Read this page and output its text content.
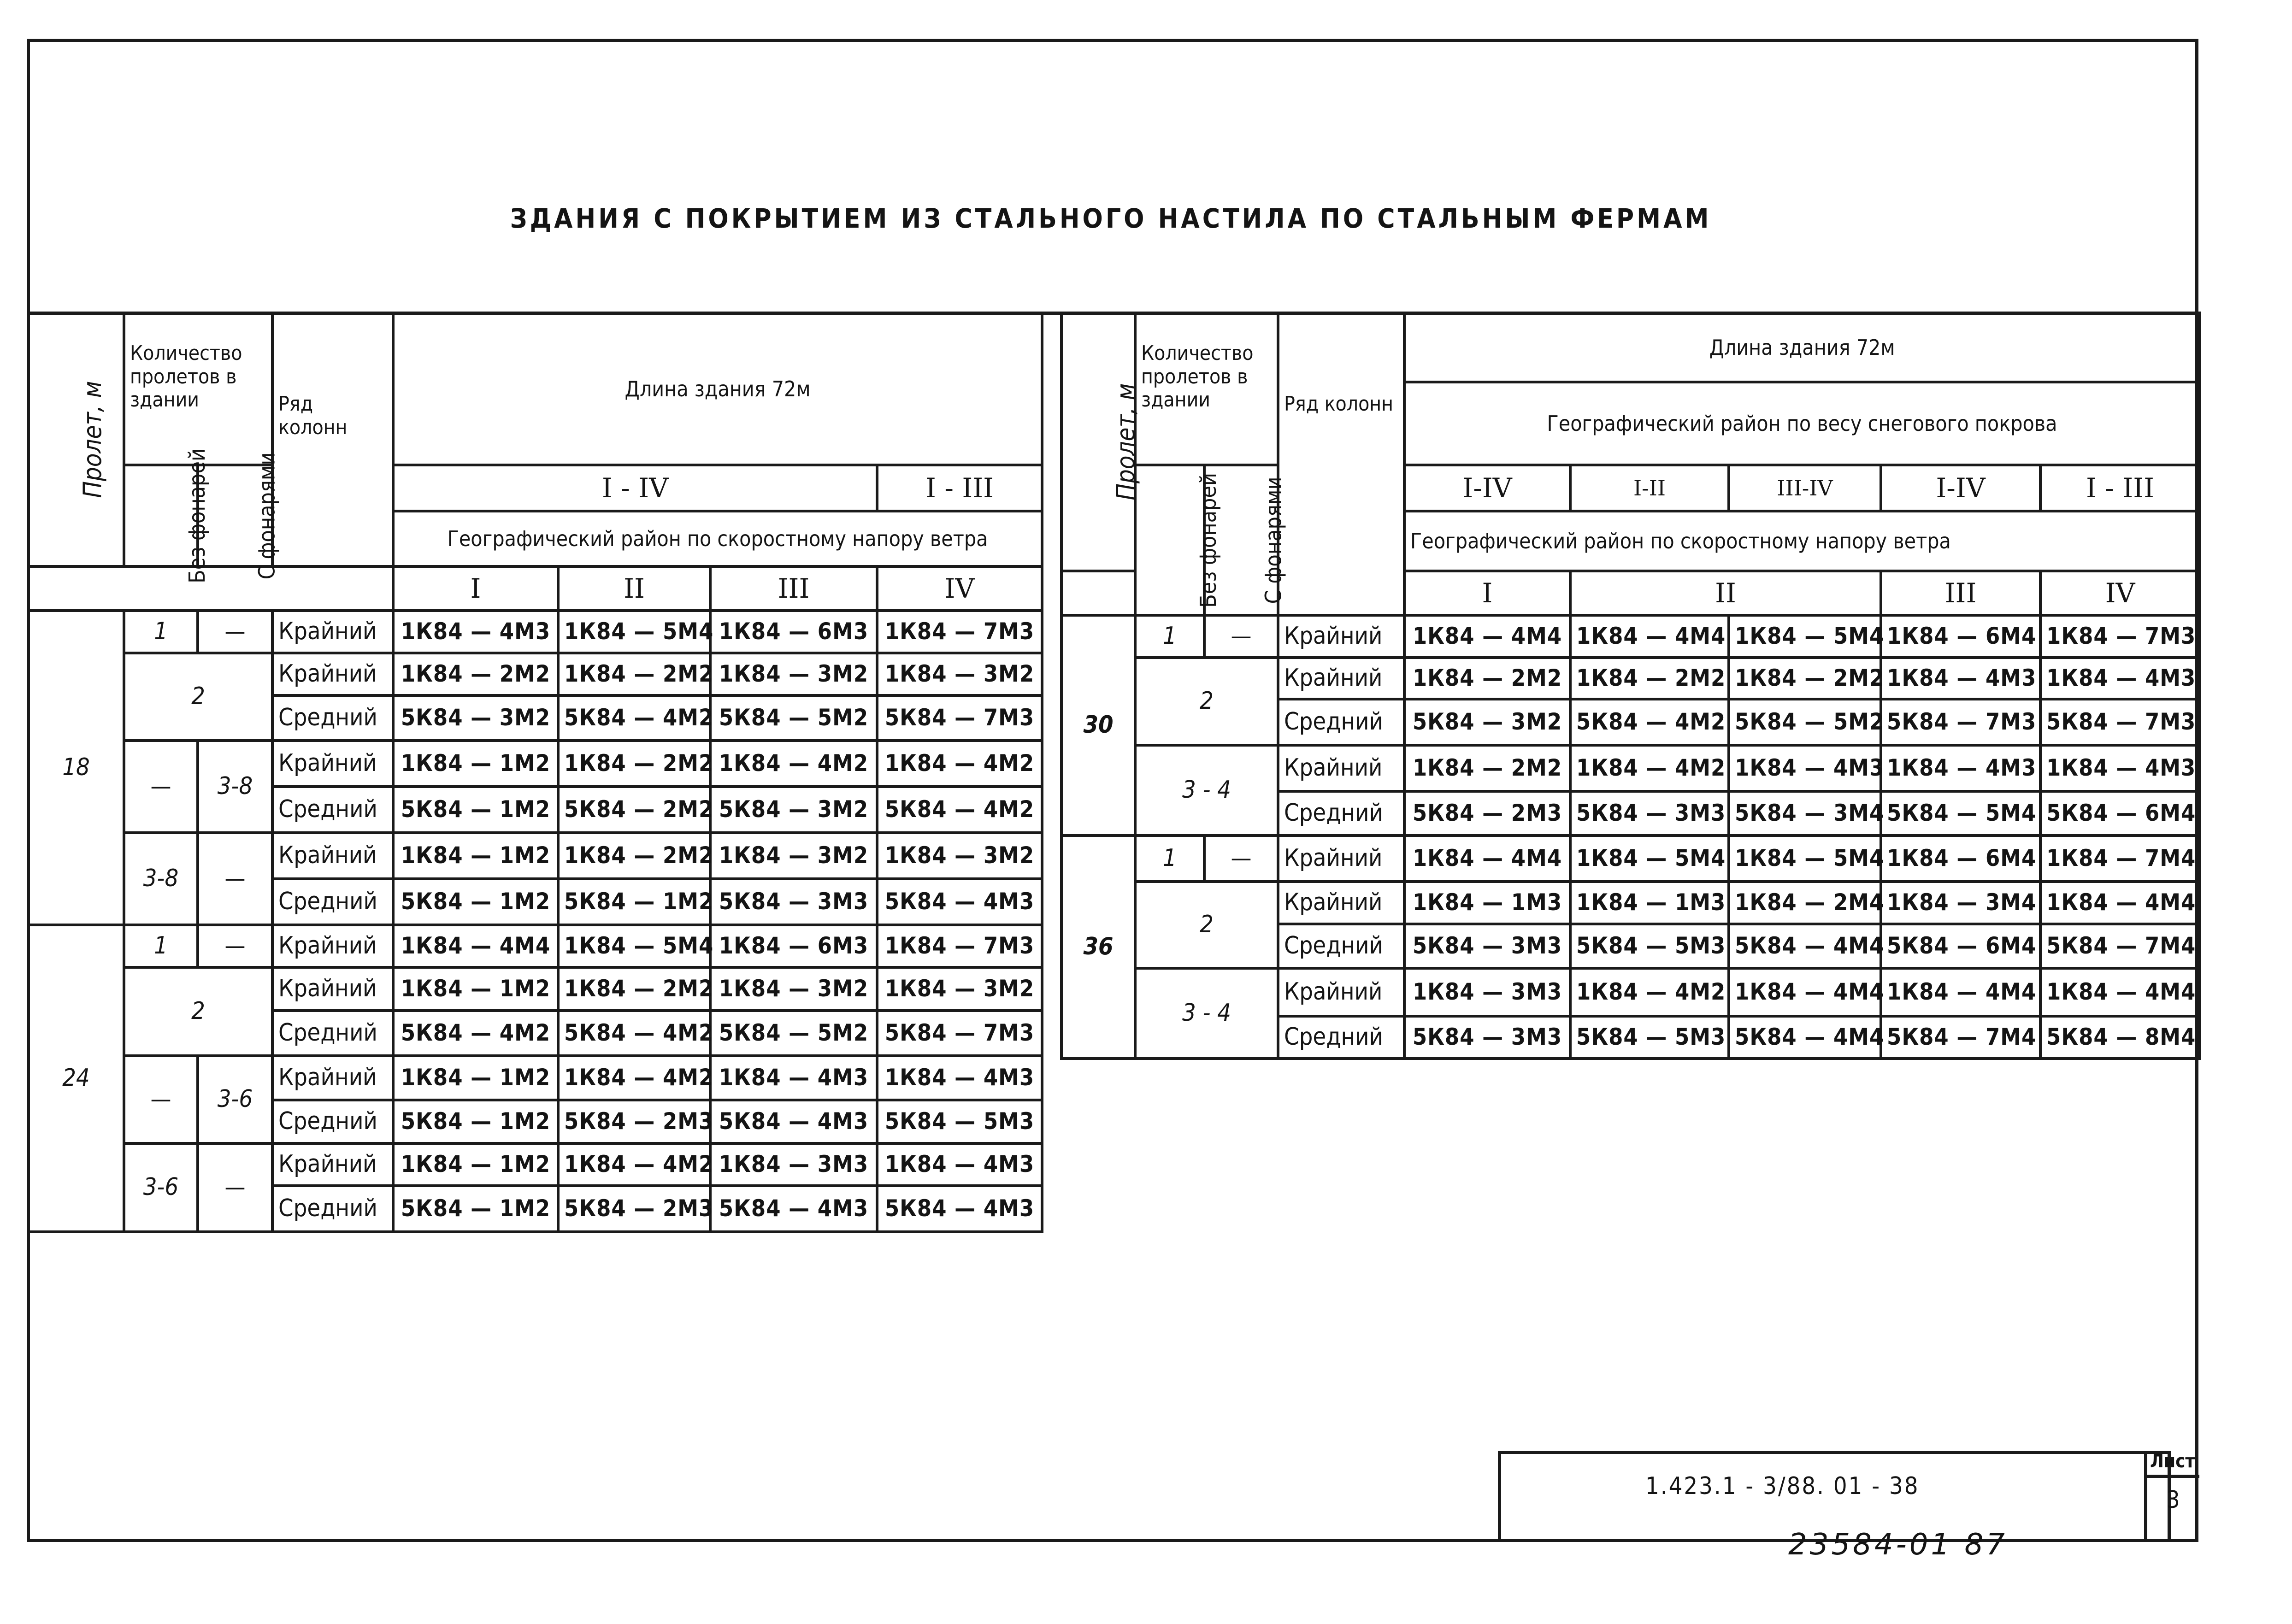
ЗДАНИЯ С ПОКРЫТИЕМ ИЗ СТАЛЬНОГО НАСТИЛА ПО СТАЛЬНЫМ ФЕРМАМ
Пролет, м	Количество пролетов в здании		Ряд колонн	Длина здания 72м			

	Без фонарей	С фонарями		I - IV			I - III
				Географический район по скоростному напору ветра			
				I	II	III	IV
18	1	—	Крайний	1К84 — 4М3	1К84 — 5М4	1К84 — 6М3	1К84 — 7М3
	2		Крайний	1К84 — 2М2	1К84 — 2М2	1К84 — 3М2	1К84 — 3М2
			Средний	5К84 — 3М2	5К84 — 4М2	5К84 — 5М2	5К84 — 7М3
	—	3-8	Крайний	1К84 — 1М2	1К84 — 2М2	1К84 — 4М2	1К84 — 4М2
			Средний	5К84 — 1М2	5К84 — 2М2	5К84 — 3М2	5К84 — 4М2
	3-8	—	Крайний	1К84 — 1М2	1К84 — 2М2	1К84 — 3М2	1К84 — 3М2
			Средний	5К84 — 1М2	5К84 — 1М2	5К84 — 3М3	5К84 — 4М3
24	1	—	Крайний	1К84 — 4М4	1К84 — 5М4	1К84 — 6М3	1К84 — 7М3
	2		Крайний	1К84 — 1М2	1К84 — 2М2	1К84 — 3М2	1К84 — 3М2
			Средний	5К84 — 4М2	5К84 — 4М2	5К84 — 5М2	5К84 — 7М3
	—	3-6	Крайний	1К84 — 1М2	1К84 — 4М2	1К84 — 4М3	1К84 — 4М3
			Средний	5К84 — 1М2	5К84 — 2М3	5К84 — 4М3	5К84 — 5М3
	3-6	—	Крайний	1К84 — 1М2	1К84 — 4М2	1К84 — 3М3	1К84 — 4М3
			Средний	5К84 — 1М2	5К84 — 2М3	5К84 — 4М3	5К84 — 4М3
Пролет, м	Количество пролетов в здании		Ряд колонн	Длина здания 72м				
				Географический район по весу снегового покрова				
	Без фонарей	С фонарями		I-IV	I-II	III-IV	I-IV	I - III
				Географический район по скоростному напору ветра				
				I	II		III	IV
30	1	—	Крайний	1К84 — 4М4	1К84 — 4М4	1К84 — 5М4	1К84 — 6М4	1К84 — 7М3
	2		Крайний	1К84 — 2М2	1К84 — 2М2	1К84 — 2М2	1К84 — 4М3	1К84 — 4М3
			Средний	5К84 — 3М2	5К84 — 4М2	5К84 — 5М2	5К84 — 7М3	5К84 — 7М3
	3 - 4		Крайний	1К84 — 2М2	1К84 — 4М2	1К84 — 4М3	1К84 — 4М3	1К84 — 4М3
			Средний	5К84 — 2М3	5К84 — 3М3	5К84 — 3М4	5К84 — 5М4	5К84 — 6М4
36	1	—	Крайний	1К84 — 4М4	1К84 — 5М4	1К84 — 5М4	1К84 — 6М4	1К84 — 7М4
	2		Крайний	1К84 — 1М3	1К84 — 1М3	1К84 — 2М4	1К84 — 3М4	1К84 — 4М4
			Средний	5К84 — 3М3	5К84 — 5М3	5К84 — 4М4	5К84 — 6М4	5К84 — 7М4
	3 - 4		Крайний	1К84 — 3М3	1К84 — 4М2	1К84 — 4М4	1К84 — 4М4	1К84 — 4М4
			Средний	5К84 — 3М3	5К84 — 5М3	5К84 — 4М4	5К84 — 7М4	5К84 — 8М4
1.423.1 - 3/88. 01 - 38
Лист
3
23584-01 87
